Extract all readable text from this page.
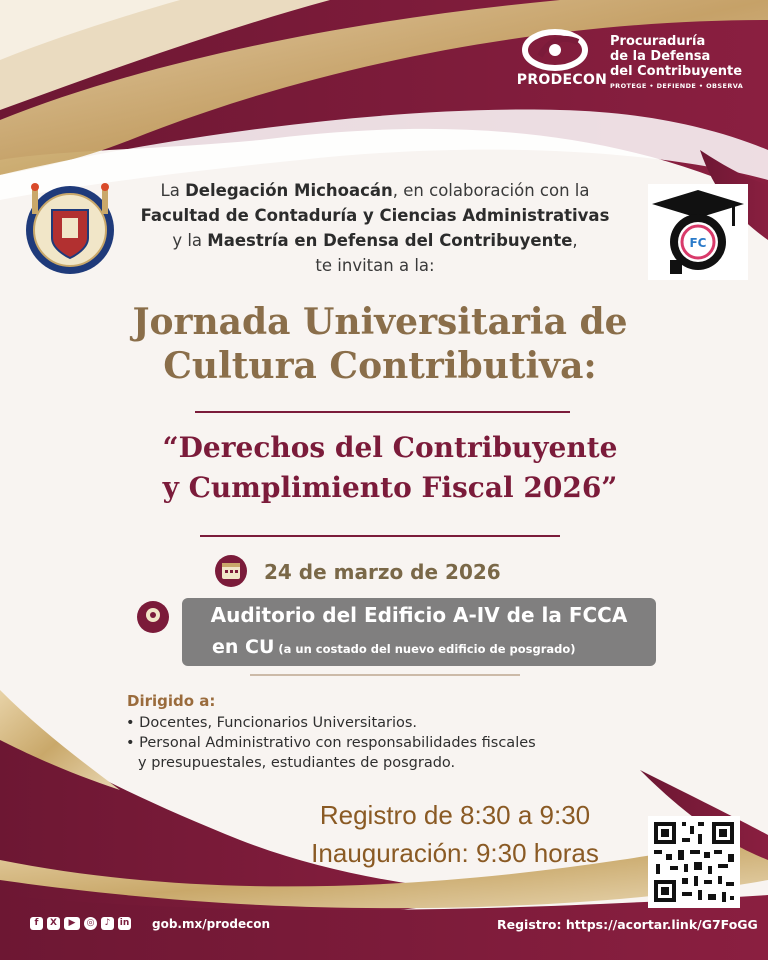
PRODECON
Procuraduría
de la Defensa
del Contribuyente
PROTEGE • DEFIENDE • OBSERVA
FC
La Delegación Michoacán, en colaboración con la
Facultad de Contaduría y Ciencias Administrativas
y la Maestría en Defensa del Contribuyente,
te invitan a la:
Jornada Universitaria de
Cultura Contributiva:
“Derechos del Contribuyente
y Cumplimiento Fiscal 2026”
24 de marzo de 2026
Auditorio del Edificio A-IV de la FCCA
en CU (a un costado del nuevo edificio de posgrado)
Dirigido a:
• Docentes, Funcionarios Universitarios.
• Personal Administrativo con responsabilidades fiscales
y presupuestales, estudiantes de posgrado.
Registro de 8:30 a 9:30
Inauguración: 9:30 horas
f	X	▶	◎	♪	in gob.mx/prodecon	Registro: https://acortar.link/G7FoGG
